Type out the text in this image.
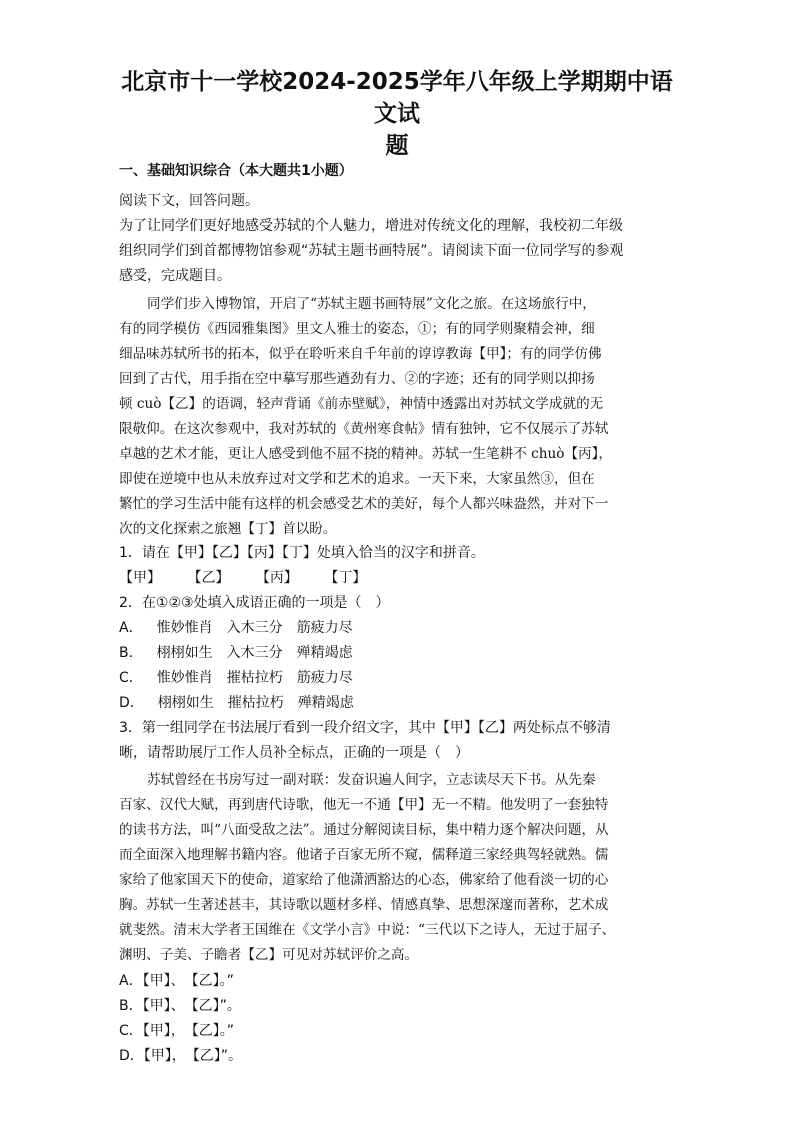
北京市十一学校2024-2025学年八年级上学期期中语文试
题
一、基础知识综合（本大题共1小题）
阅读下文，回答问题。
为了让同学们更好地感受苏轼的个人魅力，增进对传统文化的理解，我校初二年级
组织同学们到首都博物馆参观“苏轼主题书画特展”。请阅读下面一位同学写的参观
感受，完成题目。
同学们步入博物馆，开启了“苏轼主题书画特展”文化之旅。在这场旅行中，
有的同学模仿《西园雅集图》里文人雅士的姿态，①；有的同学则聚精会神，细
细品味苏轼所书的拓本，似乎在聆听来自千年前的谆谆教诲【甲】；有的同学仿佛
回到了古代，用手指在空中摹写那些遒劲有力、②的字迹；还有的同学则以抑扬
顿 cuò【乙】的语调，轻声背诵《前赤壁赋》，神情中透露出对苏轼文学成就的无
限敬仰。在这次参观中，我对苏轼的《黄州寒食帖》情有独钟，它不仅展示了苏轼
卓越的艺术才能，更让人感受到他不屈不挠的精神。苏轼一生笔耕不 chuò【丙】，
即使在逆境中也从未放弃过对文学和艺术的追求。一天下来，大家虽然③，但在
繁忙的学习生活中能有这样的机会感受艺术的美好，每个人都兴味盎然，并对下一
次的文化探索之旅翘【丁】首以盼。
1．请在【甲】【乙】【丙】【丁】处填入恰当的汉字和拼音。
【甲】 【乙】 【丙】 【丁】
2．在①②③处填入成语正确的一项是（　）
A． 惟妙惟肖 入木三分 筋疲力尽
B． 栩栩如生 入木三分 殚精竭虑
C． 惟妙惟肖 摧枯拉朽 筋疲力尽
D． 栩栩如生 摧枯拉朽 殚精竭虑
3．第一组同学在书法展厅看到一段介绍文字，其中【甲】【乙】两处标点不够清
晰，请帮助展厅工作人员补全标点，正确的一项是（　）
苏轼曾经在书房写过一副对联：发奋识遍人间字，立志读尽天下书。从先秦
百家、汉代大赋，再到唐代诗歌，他无一不通【甲】无一不精。他发明了一套独特
的读书方法，叫“八面受敌之法”。通过分解阅读目标，集中精力逐个解决问题，从
而全面深入地理解书籍内容。他诸子百家无所不窥，儒释道三家经典驾轻就熟。儒
家给了他家国天下的使命，道家给了他潇洒豁达的心态，佛家给了他看淡一切的心
胸。苏轼一生著述甚丰，其诗歌以题材多样、情感真挚、思想深邃而著称，艺术成
就斐然。清末大学者王国维在《文学小言》中说：“三代以下之诗人，无过于屈子、
渊明、子美、子瞻者【乙】可见对苏轼评价之高。
A．【甲】、　【乙】。”
B．【甲】、　【乙】”。
C．【甲】，　【乙】。”
D．【甲】，　【乙】”。
